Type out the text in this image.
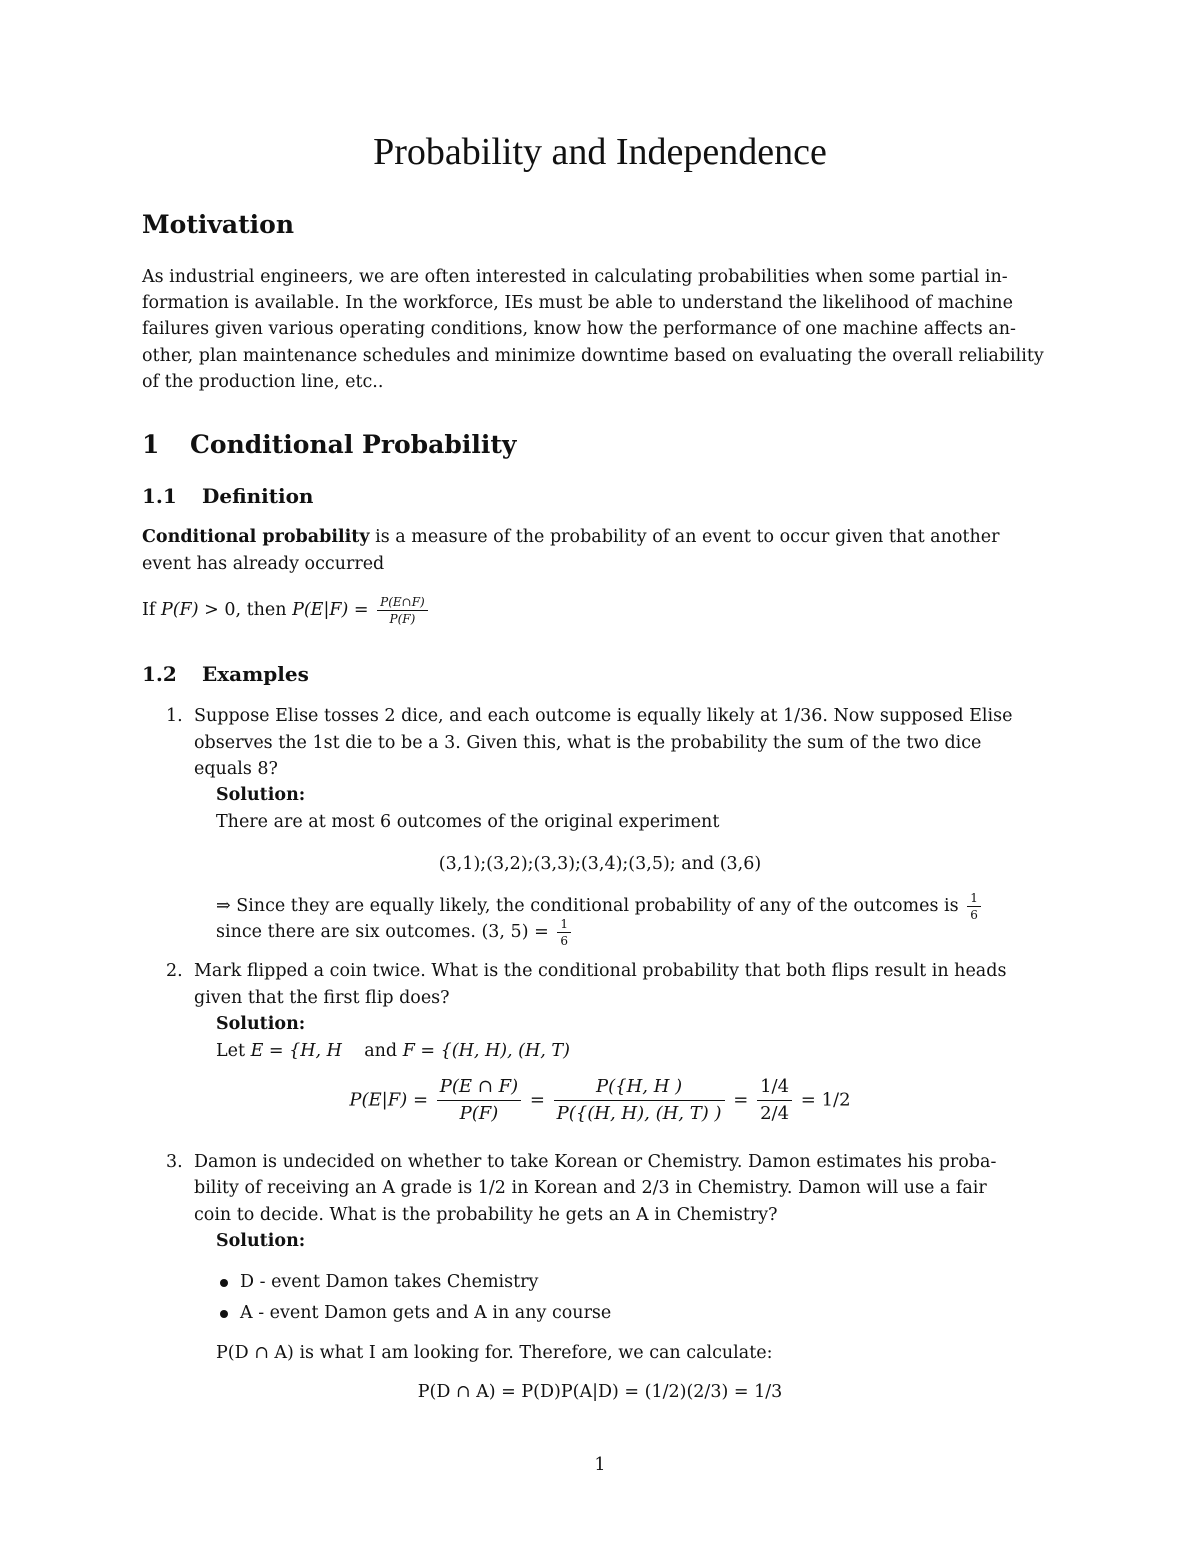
Probability and Independence
Motivation
As industrial engineers, we are often interested in calculating probabilities when some partial in-
formation is available. In the workforce, IEs must be able to understand the likelihood of machine
failures given various operating conditions, know how the performance of one machine affects an-
other, plan maintenance schedules and minimize downtime based on evaluating the overall reliability
of the production line, etc..
1 Conditional Probability
1.1 Definition
Conditional probability is a measure of the probability of an event to occur given that another
event has already occurred
If P(F) > 0, then $P(E|F) = \frac{P(E\cap F)}{P(F)}$
1.2 Examples
1. Suppose Elise tosses 2 dice, and each outcome is equally likely at 1/36. Now supposed Elise
observes the 1st die to be a 3. Given this, what is the probability the sum of the two dice
equals 8?
Solution:
There are at most 6 outcomes of the original experiment
(3,1);(3,2);(3,3);(3,4);(3,5); and (3,6)
⇒ Since they are equally likely, the conditional probability of any of the outcomes is $\frac{1}{6}$
since there are six outcomes. (3, $5) = \frac{1}{6}$
2. Mark flipped a coin twice. What is the conditional probability that both flips result in heads
given that the first flip does?
Solution:
Let E = {H, H and F = {(H, H), (H, T)
$P(E|F) = \frac{P(E \cap F)}{P(F)} = \frac{P(\{H, H )}{P(\{(H, H), (H, T) )} = \frac{1/4}{2/4} = 1/2$
3. Damon is undecided on whether to take Korean or Chemistry. Damon estimates his proba-
bility of receiving an A grade is 1/2 in Korean and 2/3 in Chemistry. Damon will use a fair
coin to decide. What is the probability he gets an A in Chemistry?
Solution:
D - event Damon takes Chemistry
A - event Damon gets and A in any course
P(D ∩ A) is what I am looking for. Therefore, we can calculate:
P(D ∩ A) = P(D)P(A|D) = (1/2)(2/3) = 1/3
1
